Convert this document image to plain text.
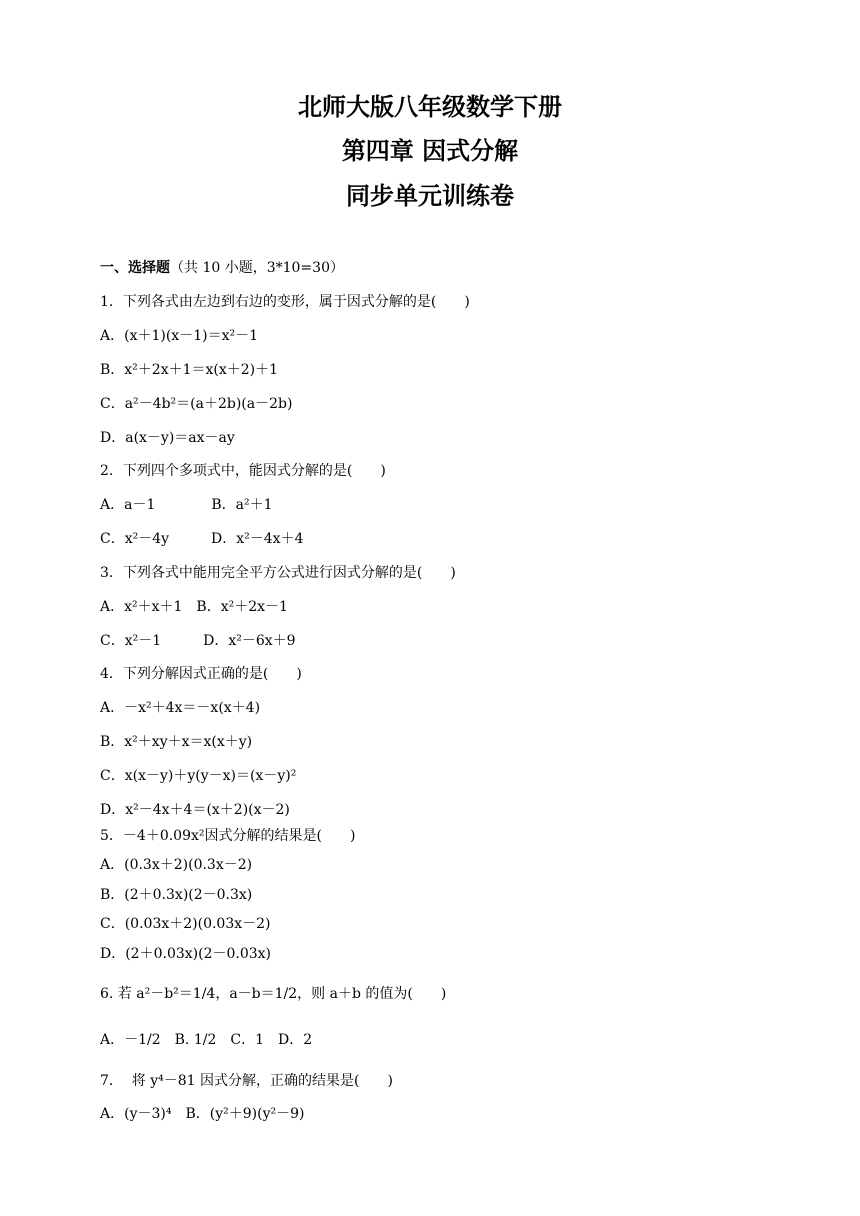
北师大版八年级数学下册
第四章 因式分解
同步单元训练卷
一、选择题（共 10 小题，3*10=30）
1．下列各式由左边到右边的变形，属于因式分解的是(　　)
A．(x＋1)(x－1)＝x²－1
B．x²＋2x＋1＝x(x＋2)＋1
C．a²－4b²＝(a＋2b)(a－2b)
D．a(x－y)＝ax－ay
2．下列四个多项式中，能因式分解的是(　　)
A．a－1　　　　B．a²＋1
C．x²－4y　　　D．x²－4x＋4
3．下列各式中能用完全平方公式进行因式分解的是(　　)
A．x²＋x＋1　B．x²＋2x－1
C．x²－1　　　D．x²－6x＋9
4．下列分解因式正确的是(　　)
A．－x²＋4x＝－x(x＋4)
B．x²＋xy＋x＝x(x＋y)
C．x(x－y)＋y(y－x)＝(x－y)²
D．x²－4x＋4＝(x＋2)(x－2)
5．－4＋0.09x²因式分解的结果是(　　)
A．(0.3x＋2)(0.3x－2)
B．(2＋0.3x)(2－0.3x)
C．(0.03x＋2)(0.03x－2)
D．(2＋0.03x)(2－0.03x)
6. 若 a²－b²＝1/4，a－b＝1/2，则 a＋b 的值为(　　)
A．－1/2　B. 1/2　C．1　D．2
7．  将 y⁴－81 因式分解，正确的结果是(　　)
A．(y－3)⁴　B．(y²＋9)(y²－9)
